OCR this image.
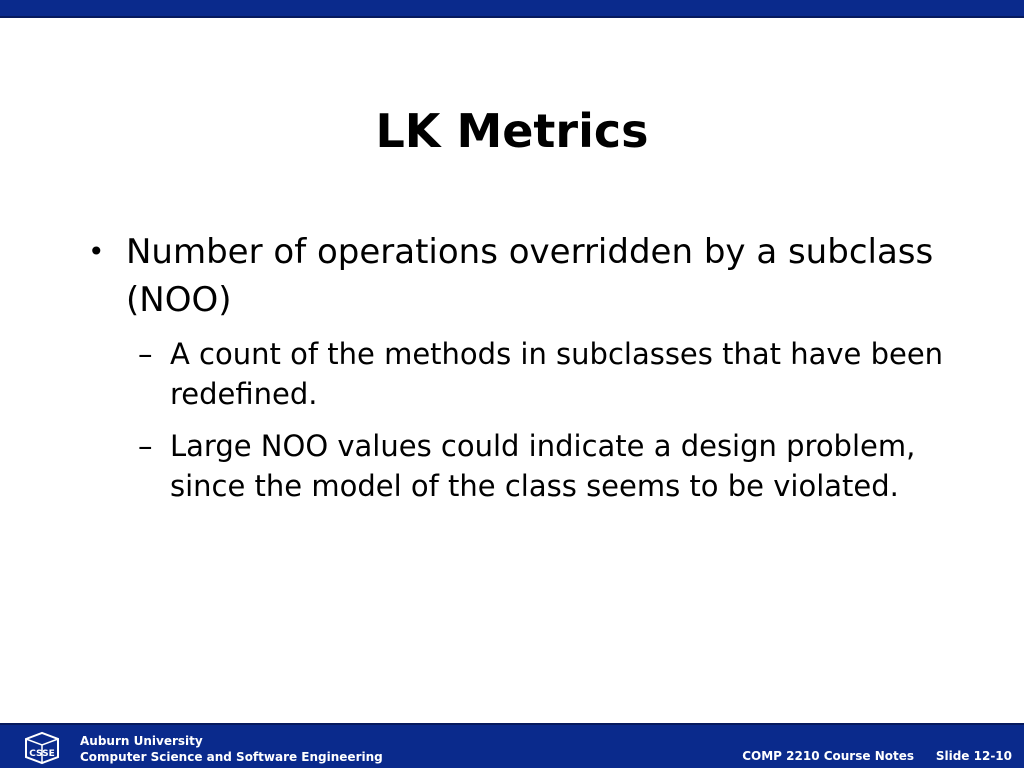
LK Metrics
• Number of operations overridden by a subclass (NOO)
– A count of the methods in subclasses that have been redefined.
– Large NOO values could indicate a design problem, since the model of the class seems to be violated.
CSSE
Auburn University
Computer Science and Software Engineering	COMP 2210 Course Notes Slide 12-10
